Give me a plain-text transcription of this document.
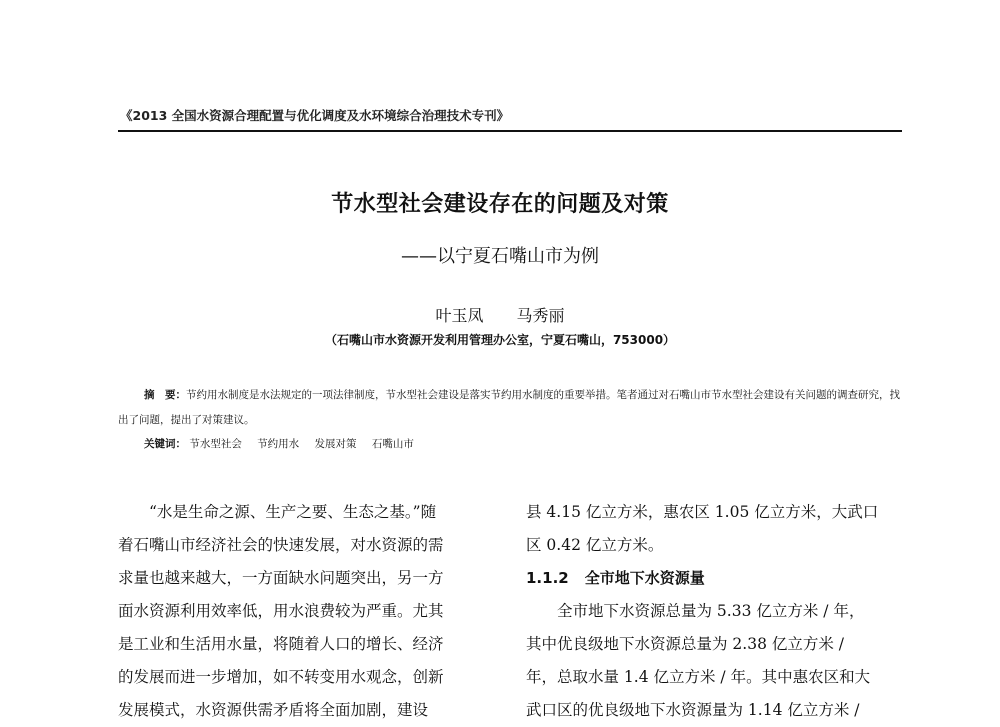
《2013 全国水资源合理配置与优化调度及水环境综合治理技术专刊》
节水型社会建设存在的问题及对策
——以宁夏石嘴山市为例
叶玉凤 马秀丽
（石嘴山市水资源开发利用管理办公室，宁夏石嘴山，753000）
摘　要：节约用水制度是水法规定的一项法律制度，节水型社会建设是落实节约用水制度的重要举措。笔者通过对石嘴山市节水型社会建设有关问题的调查研究，找出了问题，提出了对策建议。
关键词： 节水型社会 节约用水 发展对策 石嘴山市

“水是生命之源、生产之要、生态之基。”随

着石嘴山市经济社会的快速发展，对水资源的需

求量也越来越大，一方面缺水问题突出，另一方

面水资源利用效率低，用水浪费较为严重。尤其

是工业和生活用水量，将随着人口的增长、经济

的发展而进一步增加，如不转变用水观念，创新

发展模式，水资源供需矛盾将全面加剧，建设

县 4.15 亿立方米，惠农区 1.05 亿立方米，大武口

区 0.42 亿立方米。

1.1.2 全市地下水资源量

全市地下水资源总量为 5.33 亿立方米 / 年，

其中优良级地下水资源总量为 2.38 亿立方米 /

年，总取水量 1.4 亿立方米 / 年。其中惠农区和大

武口区的优良级地下水资源量为 1.14 亿立方米 /
